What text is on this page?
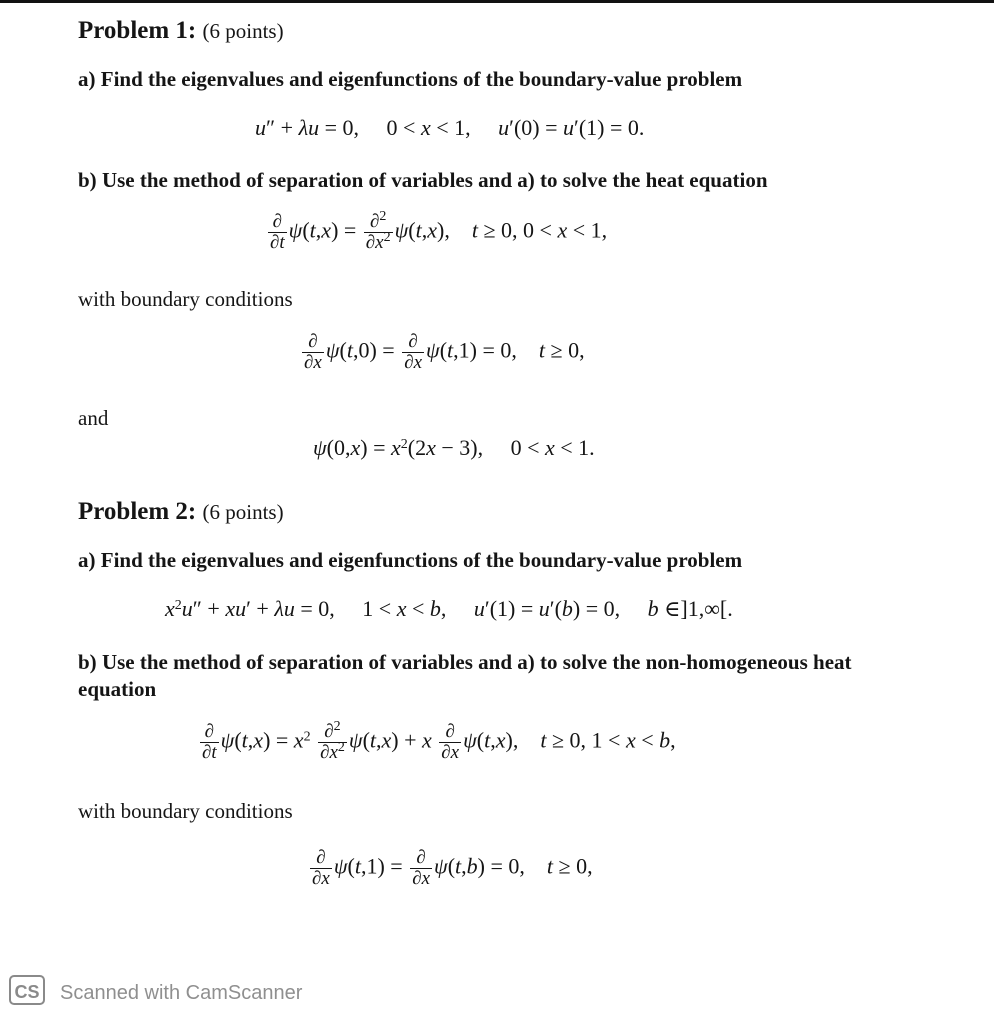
Problem 1: (6 points)
a) Find the eigenvalues and eigenfunctions of the boundary-value problem
u″ + λu = 0,     0 < x < 1,     u′(0) = u′(1) = 0.
b) Use the method of separation of variables and a) to solve the heat equation
$\frac{\partial}{\partial t} \psi(t,x) = \frac{\partial^2}{\partial x^2} \psi(t,x)$,    t ≥ 0, 0 < x < 1,
with boundary conditions
$\frac{\partial}{\partial x} \psi(t,0) = \frac{\partial}{\partial x} \psi(t,1) = 0$,    t ≥ 0,
and
$\psi(0,x) = x^2(2x - 3)$,     0 < x < 1.
Problem 2: (6 points)
a) Find the eigenvalues and eigenfunctions of the boundary-value problem
$x^2u'' + xu' + \lambda u = 0$,     1 < x < b,     u′(1) = u′(b) = 0,     b ∈]1,∞[.
b) Use the method of separation of variables and a) to solve the non-homogeneous heat
equation
$\frac{\partial}{\partial t} \psi(t,x) = x^2 \frac{\partial^2}{\partial x^2} \psi(t,x) + x \frac{\partial}{\partial x} \psi(t,x)$,    t ≥ 0, 1 < x < b,
with boundary conditions
$\frac{\partial}{\partial x} \psi(t,1) = \frac{\partial}{\partial x} \psi(t,b) = 0$,    t ≥ 0,
CS Scanned with CamScanner
